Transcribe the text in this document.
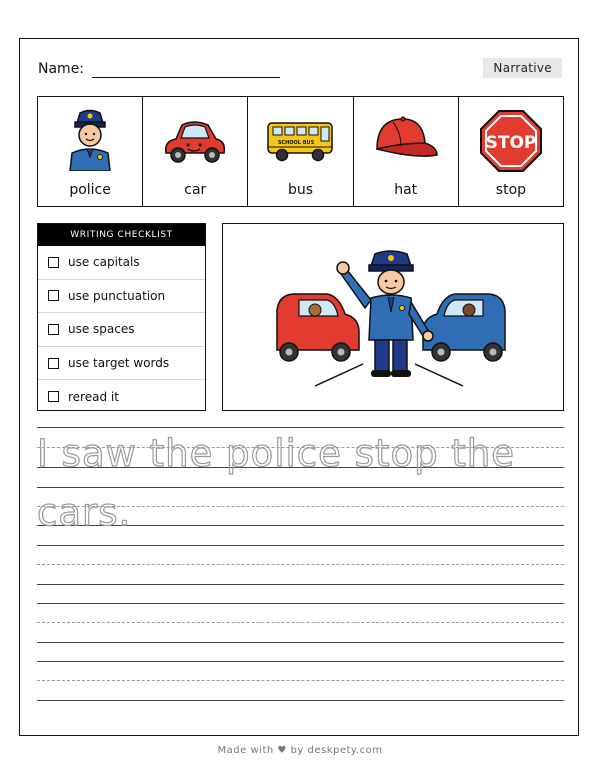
Name:	Narrative
police	car
SCHOOL BUS
bus	hat
STOP
stop
WRITING CHECKLIST
use capitals
use punctuation
use spaces
use target words
reread it
I saw the police stop the
cars.
Made with ♥ by deskpety.com
